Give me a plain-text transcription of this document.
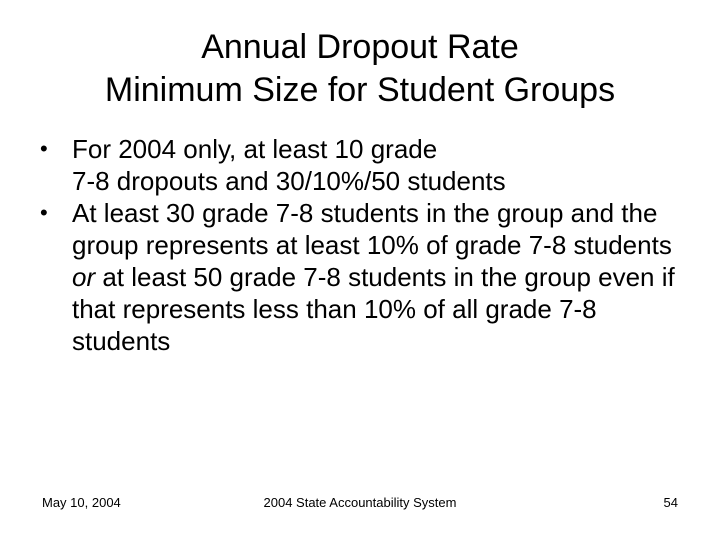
Annual Dropout Rate
Minimum Size for Student Groups
• For 2004 only, at least 10 grade
7-8 dropouts and 30/10%/50 students
• At least 30 grade 7-8 students in the group and the group represents at least 10% of grade 7-8 students or at least 50 grade 7-8 students in the group even if that represents less than 10% of all grade 7-8 students
May 10, 2004	2004 State Accountability System	54
